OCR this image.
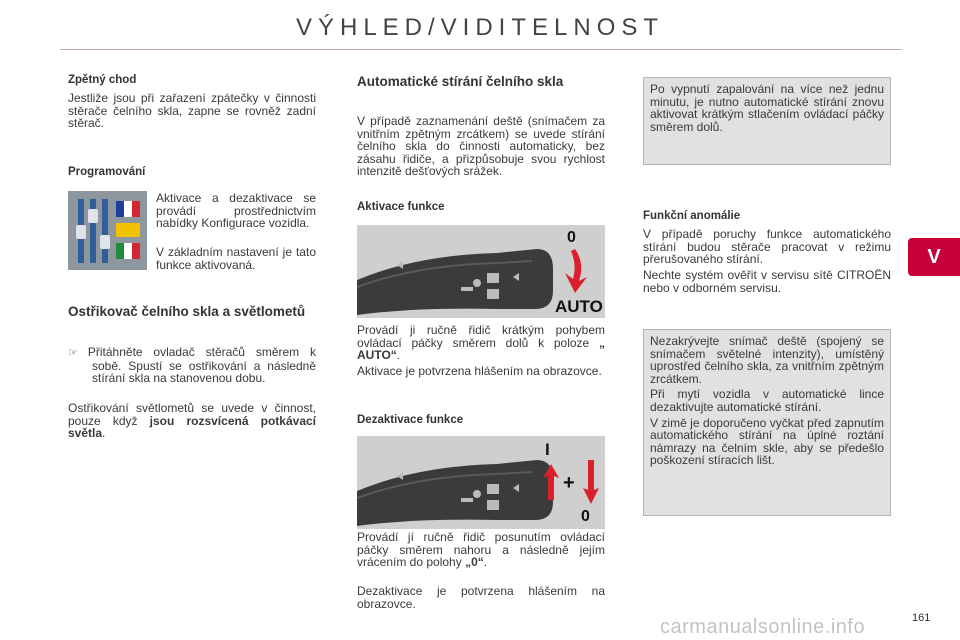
VÝHLED/VIDITELNOST
V
Zpětný chod
Jestliže jsou při zařazení zpátečky v činnosti stěrače čelního skla, zapne se rovněž zadní stěrač.
Programování
Aktivace a dezaktivace se provádí prostřednictvím nabídky Konfigurace vozidla.
V základním nastavení je tato funkce aktivovaná.
Ostřikovač čelního skla a světlometů
☞ Přitáhněte ovladač stěračů směrem k sobě. Spustí se ostřikování a následně stírání skla na stanovenou dobu.
Ostřikování světlometů se uvede v činnost, pouze když jsou rozsvícená potkávací světla.
Automatické stírání čelního skla
V případě zaznamenání deště (snímačem za vnitřním zpětným zrcátkem) se uvede stírání čelního skla do činnosti automaticky, bez zásahu řidiče, a přizpůsobuje svou rychlost intenzitě dešťových srážek.
Aktivace funkce
0
AUTO
Provádí ji ručně řidič krátkým pohybem ovládací páčky směrem dolů k poloze „ AUTO“.
Aktivace je potvrzena hlášením na obrazovce.
Dezaktivace funkce
I
+
0
Provádí jí ručně řidič posunutím ovládací páčky směrem nahoru a následně jejím vrácením do polohy „0“.
Dezaktivace je potvrzena hlášením na obrazovce.
Po vypnutí zapalování na více než jednu minutu, je nutno automatické stírání znovu aktivovat krátkým stlačením ovládací páčky směrem dolů.
Funkční anomálie
V případě poruchy funkce automatického stírání budou stěrače pracovat v režimu přerušovaného stírání.
Nechte systém ověřit v servisu sítě CITROËN nebo v odborném servisu.
Nezakrývejte snímač deště (spojený se snímačem světelné intenzity), umístěný uprostřed čelního skla, za vnitřním zpětným zrcátkem.
Při mytí vozidla v automatické lince dezaktivujte automatické stírání.
V zimě je doporučeno vyčkat před zapnutím automatického stírání na úplné roztání námrazy na čelním skle, aby se předešlo poškození stíracích lišt.
carmanualsonline.info	161
